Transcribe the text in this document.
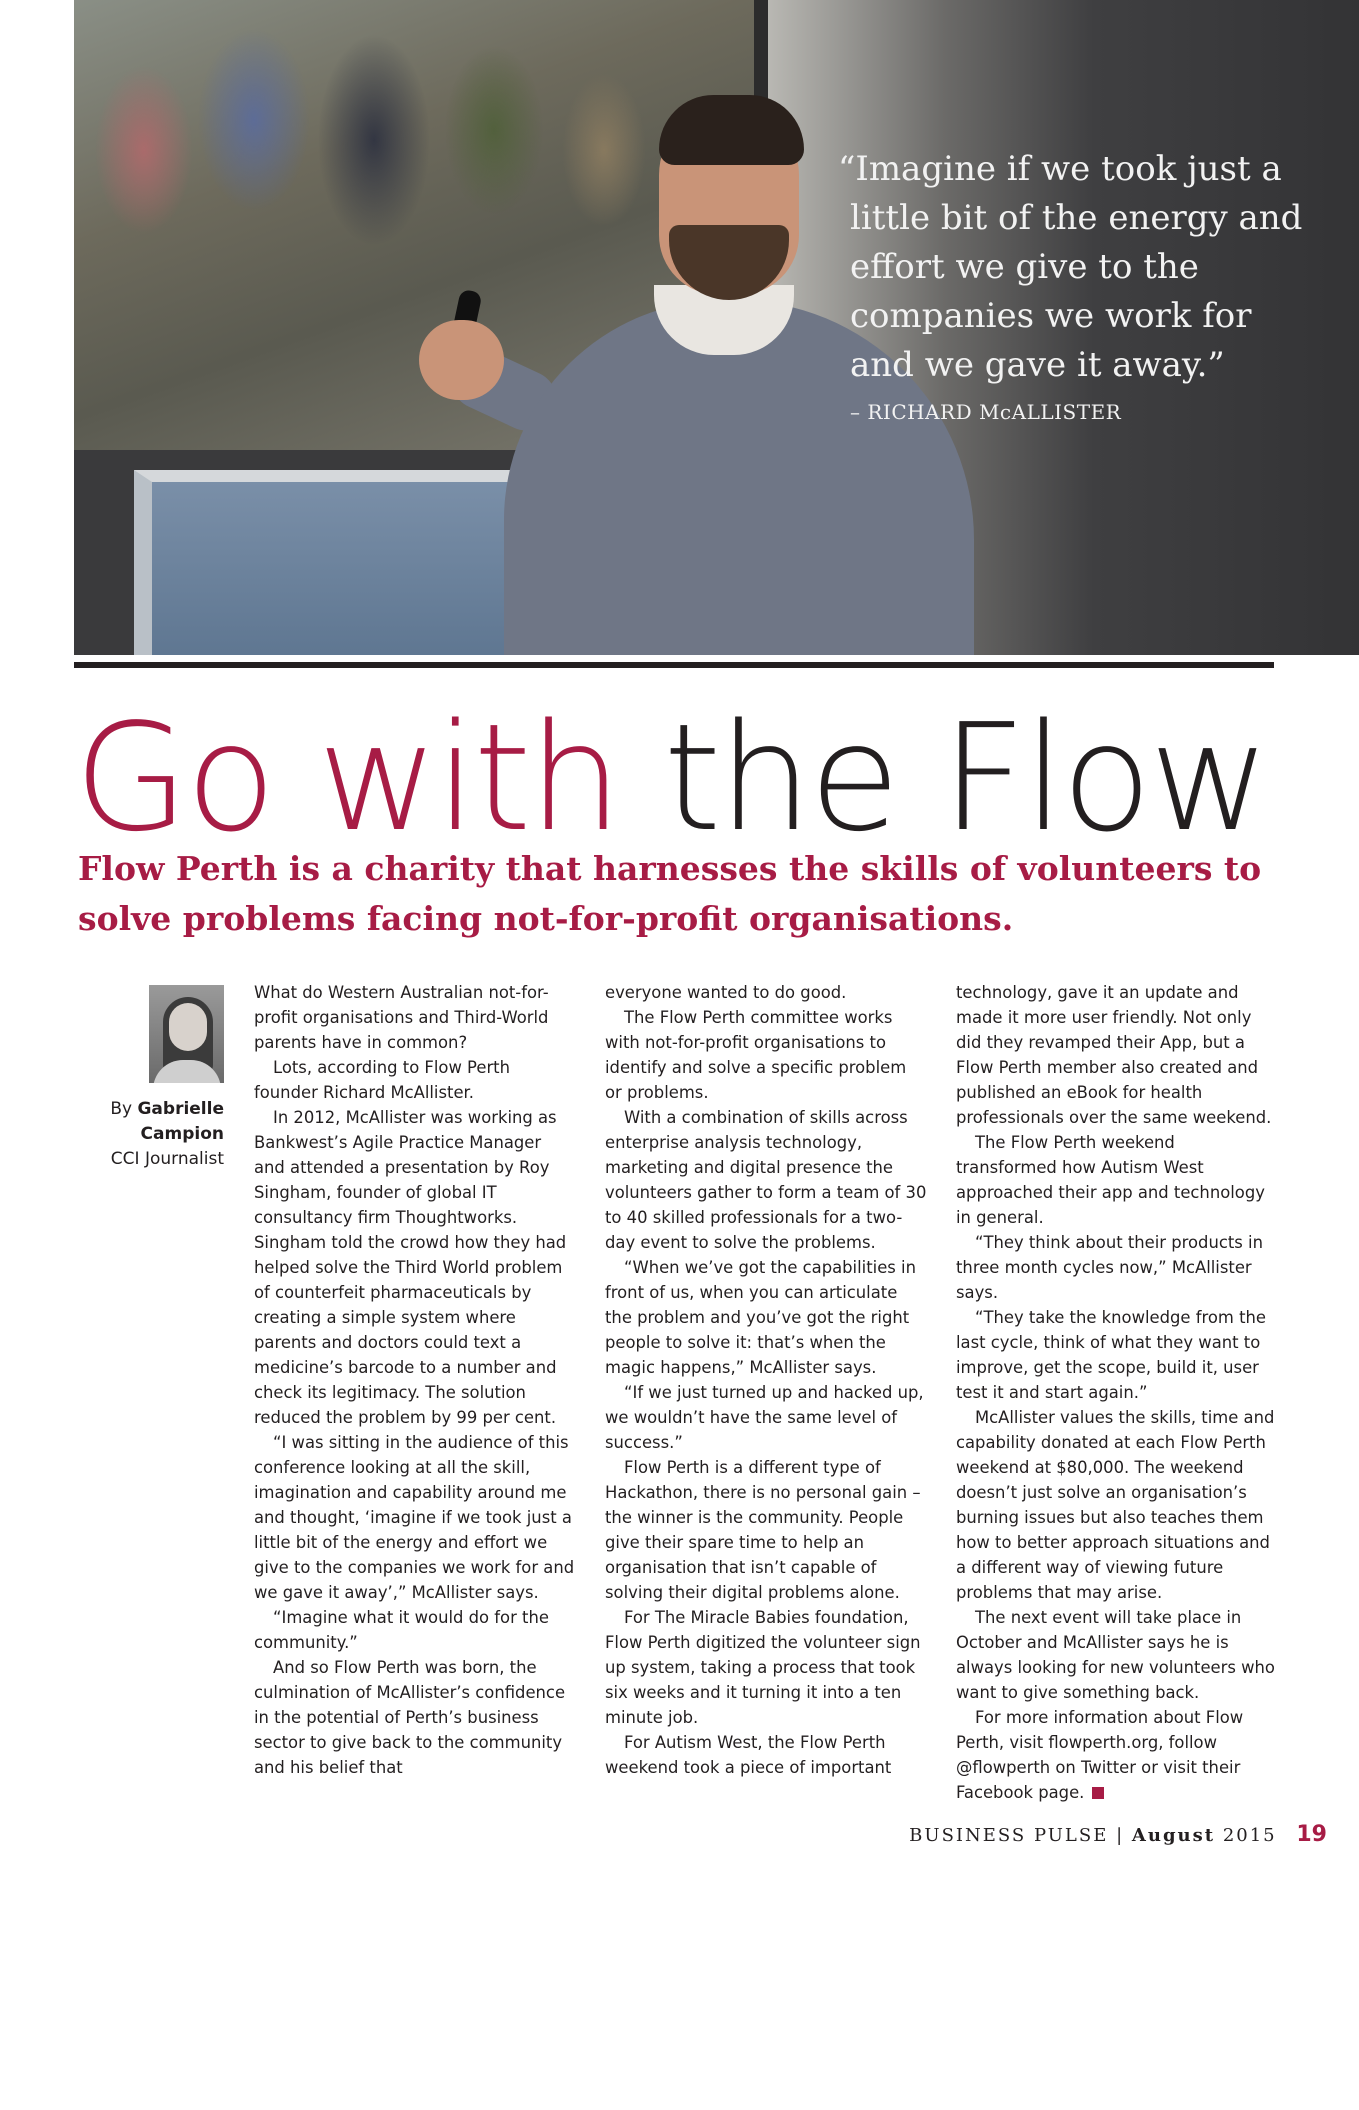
“Imagine if we took just a little bit of the energy and effort we give to the companies we work for and we gave it away.”

– RICHARD McALLISTER
Go with the Flow

Flow Perth is a charity that harnesses the skills of volunteers to solve problems facing not-for-profit organisations.

By Gabrielle Campion
CCI Journalist

What do Western Australian not-for-profit organisations and Third-World parents have in common?

Lots, according to Flow Perth founder Richard McAllister.

In 2012, McAllister was working as Bankwest’s Agile Practice Manager and attended a presentation by Roy Singham, founder of global IT consultancy firm Thoughtworks. Singham told the crowd how they had helped solve the Third World problem of counterfeit pharmaceuticals by creating a simple system where parents and doctors could text a medicine’s barcode to a number and check its legitimacy. The solution reduced the problem by 99 per cent.

“I was sitting in the audience of this conference looking at all the skill, imagination and capability around me and thought, ‘imagine if we took just a little bit of the energy and effort we give to the companies we work for and we gave it away’,” McAllister says.

“Imagine what it would do for the community.”

And so Flow Perth was born, the culmination of McAllister’s confidence in the potential of Perth’s business sector to give back to the community and his belief that

everyone wanted to do good.

The Flow Perth committee works with not-for-profit organisations to identify and solve a specific problem or problems.

With a combination of skills across enterprise analysis technology, marketing and digital presence the volunteers gather to form a team of 30 to 40 skilled professionals for a two-day event to solve the problems.

“When we’ve got the capabilities in front of us, when you can articulate the problem and you’ve got the right people to solve it: that’s when the magic happens,” McAllister says.

“If we just turned up and hacked up, we wouldn’t have the same level of success.”

Flow Perth is a different type of Hackathon, there is no personal gain – the winner is the community. People give their spare time to help an organisation that isn’t capable of solving their digital problems alone.

For The Miracle Babies foundation, Flow Perth digitized the volunteer sign up system, taking a process that took six weeks and it turning it into a ten minute job.

For Autism West, the Flow Perth weekend took a piece of important

technology, gave it an update and made it more user friendly. Not only did they revamped their App, but a Flow Perth member also created and published an eBook for health professionals over the same weekend.

The Flow Perth weekend transformed how Autism West approached their app and technology in general.

“They think about their products in three month cycles now,” McAllister says.

“They take the knowledge from the last cycle, think of what they want to improve, get the scope, build it, user test it and start again.”

McAllister values the skills, time and capability donated at each Flow Perth weekend at $80,000. The weekend doesn’t just solve an organisation’s burning issues but also teaches them how to better approach situations and a different way of viewing future problems that may arise.

The next event will take place in October and McAllister says he is always looking for new volunteers who want to give something back.

For more information about Flow Perth, visit flowperth.org, follow @flowperth on Twitter or visit their Facebook page.

BUSINESS PULSE | August 2015 19
